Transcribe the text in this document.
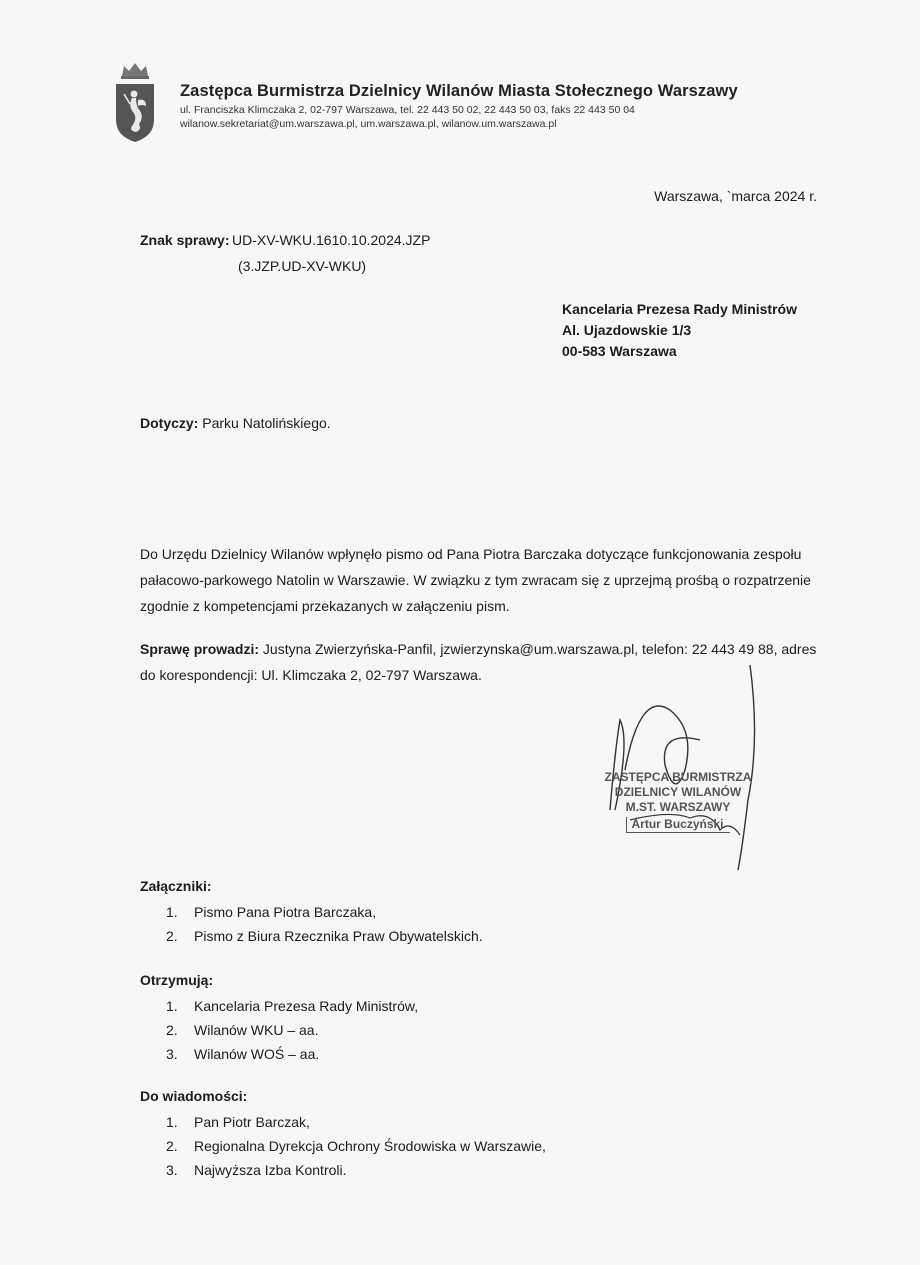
Zastępca Burmistrza Dzielnicy Wilanów Miasta Stołecznego Warszawy
ul. Franciszka Klimczaka 2, 02-797 Warszawa, tel. 22 443 50 02, 22 443 50 03, faks 22 443 50 04
wilanow.sekretariat@um.warszawa.pl, um.warszawa.pl, wilanow.um.warszawa.pl
Warszawa, `marca 2024 r.
Znak sprawy: UD-XV-WKU.1610.10.2024.JZP
(3.JZP.UD-XV-WKU)
Kancelaria Prezesa Rady Ministrów
Al. Ujazdowskie 1/3
00-583 Warszawa
Dotyczy: Parku Natolińskiego.
Do Urzędu Dzielnicy Wilanów wpłynęło pismo od Pana Piotra Barczaka dotyczące funkcjonowania zespołu pałacowo-parkowego Natolin w Warszawie. W związku z tym zwracam się z uprzejmą prośbą o rozpatrzenie zgodnie z kompetencjami przekazanych w załączeniu pism.
Sprawę prowadzi: Justyna Zwierzyńska-Panfil, jzwierzynska@um.warszawa.pl, telefon: 22 443 49 88, adres do korespondencji: Ul. Klimczaka 2, 02-797 Warszawa.
ZASTĘPCA BURMISTRZA
DZIELNICY WILANÓW
M.ST. WARSZAWY
Artur Buczyński
Załączniki:
1. Pismo Pana Piotra Barczaka,
2. Pismo z Biura Rzecznika Praw Obywatelskich.
Otrzymują:
1. Kancelaria Prezesa Rady Ministrów,
2. Wilanów WKU – aa.
3. Wilanów WOŚ – aa.
Do wiadomości:
1. Pan Piotr Barczak,
2. Regionalna Dyrekcja Ochrony Środowiska w Warszawie,
3. Najwyższa Izba Kontroli.
